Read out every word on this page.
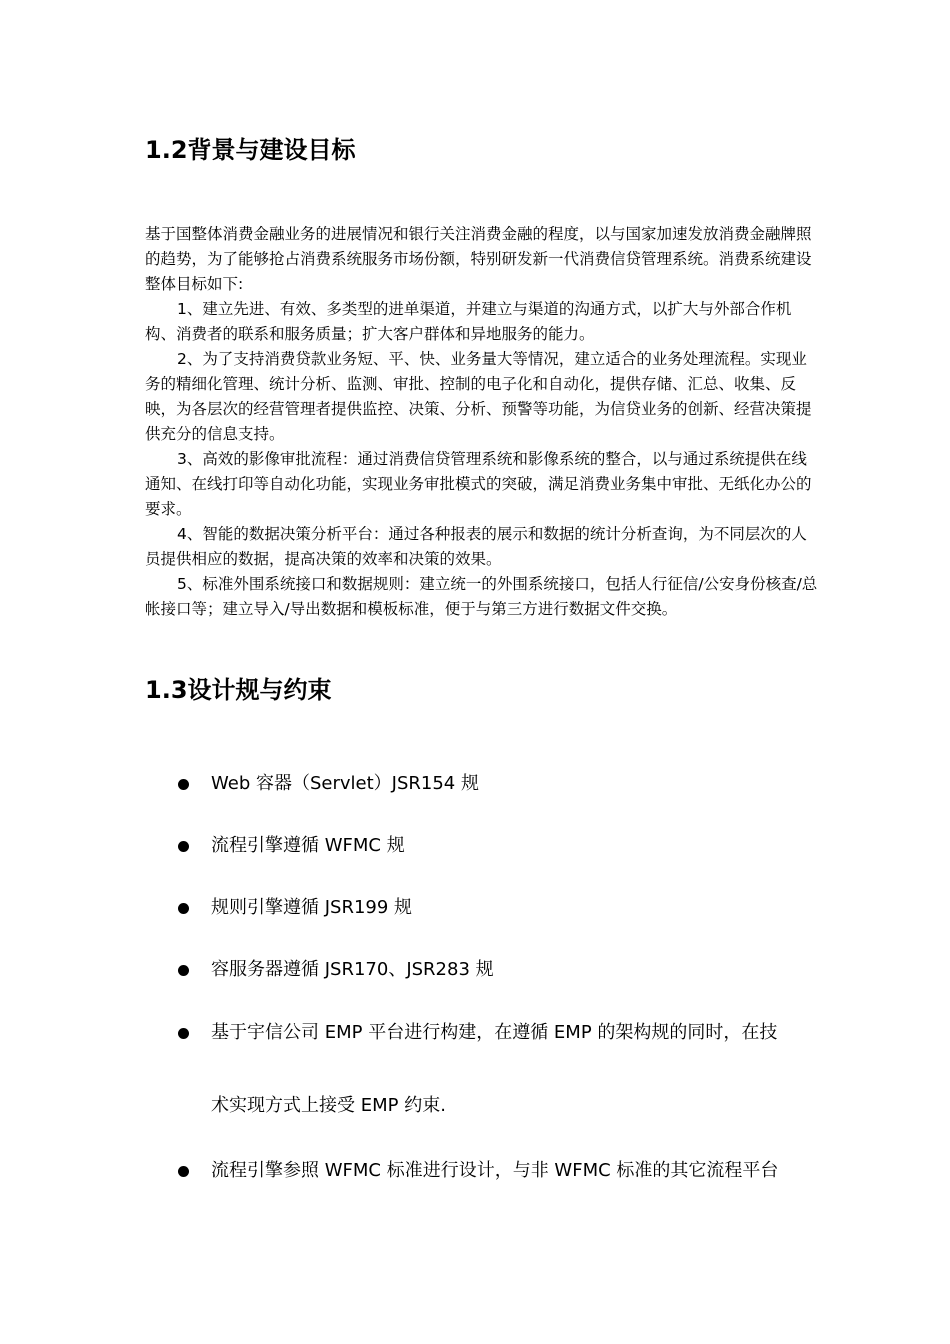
1.2背景与建设目标

基于国整体消费金融业务的进展情况和银行关注消费金融的程度，以与国家加速发放消费金融牌照的趋势，为了能够抢占消费系统服务市场份额，特别研发新一代消费信贷管理系统。消费系统建设整体目标如下:

1、建立先进、有效、多类型的进单渠道，并建立与渠道的沟通方式，以扩大与外部合作机构、消费者的联系和服务质量；扩大客户群体和异地服务的能力。

2、为了支持消费贷款业务短、平、快、业务量大等情况，建立适合的业务处理流程。实现业务的精细化管理、统计分析、监测、审批、控制的电子化和自动化，提供存储、汇总、收集、反映，为各层次的经营管理者提供监控、决策、分析、预警等功能，为信贷业务的创新、经营决策提供充分的信息支持。

3、高效的影像审批流程：通过消费信贷管理系统和影像系统的整合，以与通过系统提供在线通知、在线打印等自动化功能，实现业务审批模式的突破，满足消费业务集中审批、无纸化办公的要求。

4、智能的数据决策分析平台：通过各种报表的展示和数据的统计分析查询，为不同层次的人员提供相应的数据，提高决策的效率和决策的效果。

5、标准外围系统接口和数据规则：建立统一的外围系统接口，包括人行征信/公安身份核查/总帐接口等；建立导入/导出数据和模板标准，便于与第三方进行数据文件交换。

1.3设计规与约束
Web 容器（Servlet）JSR154 规
流程引擎遵循 WFMC 规
规则引擎遵循 JSR199 规
容服务器遵循 JSR170、JSR283 规
基于宇信公司 EMP 平台进行构建，在遵循 EMP 的架构规的同时，在技
术实现方式上接受 EMP 约束.
流程引擎参照 WFMC 标准进行设计，与非 WFMC 标准的其它流程平台
